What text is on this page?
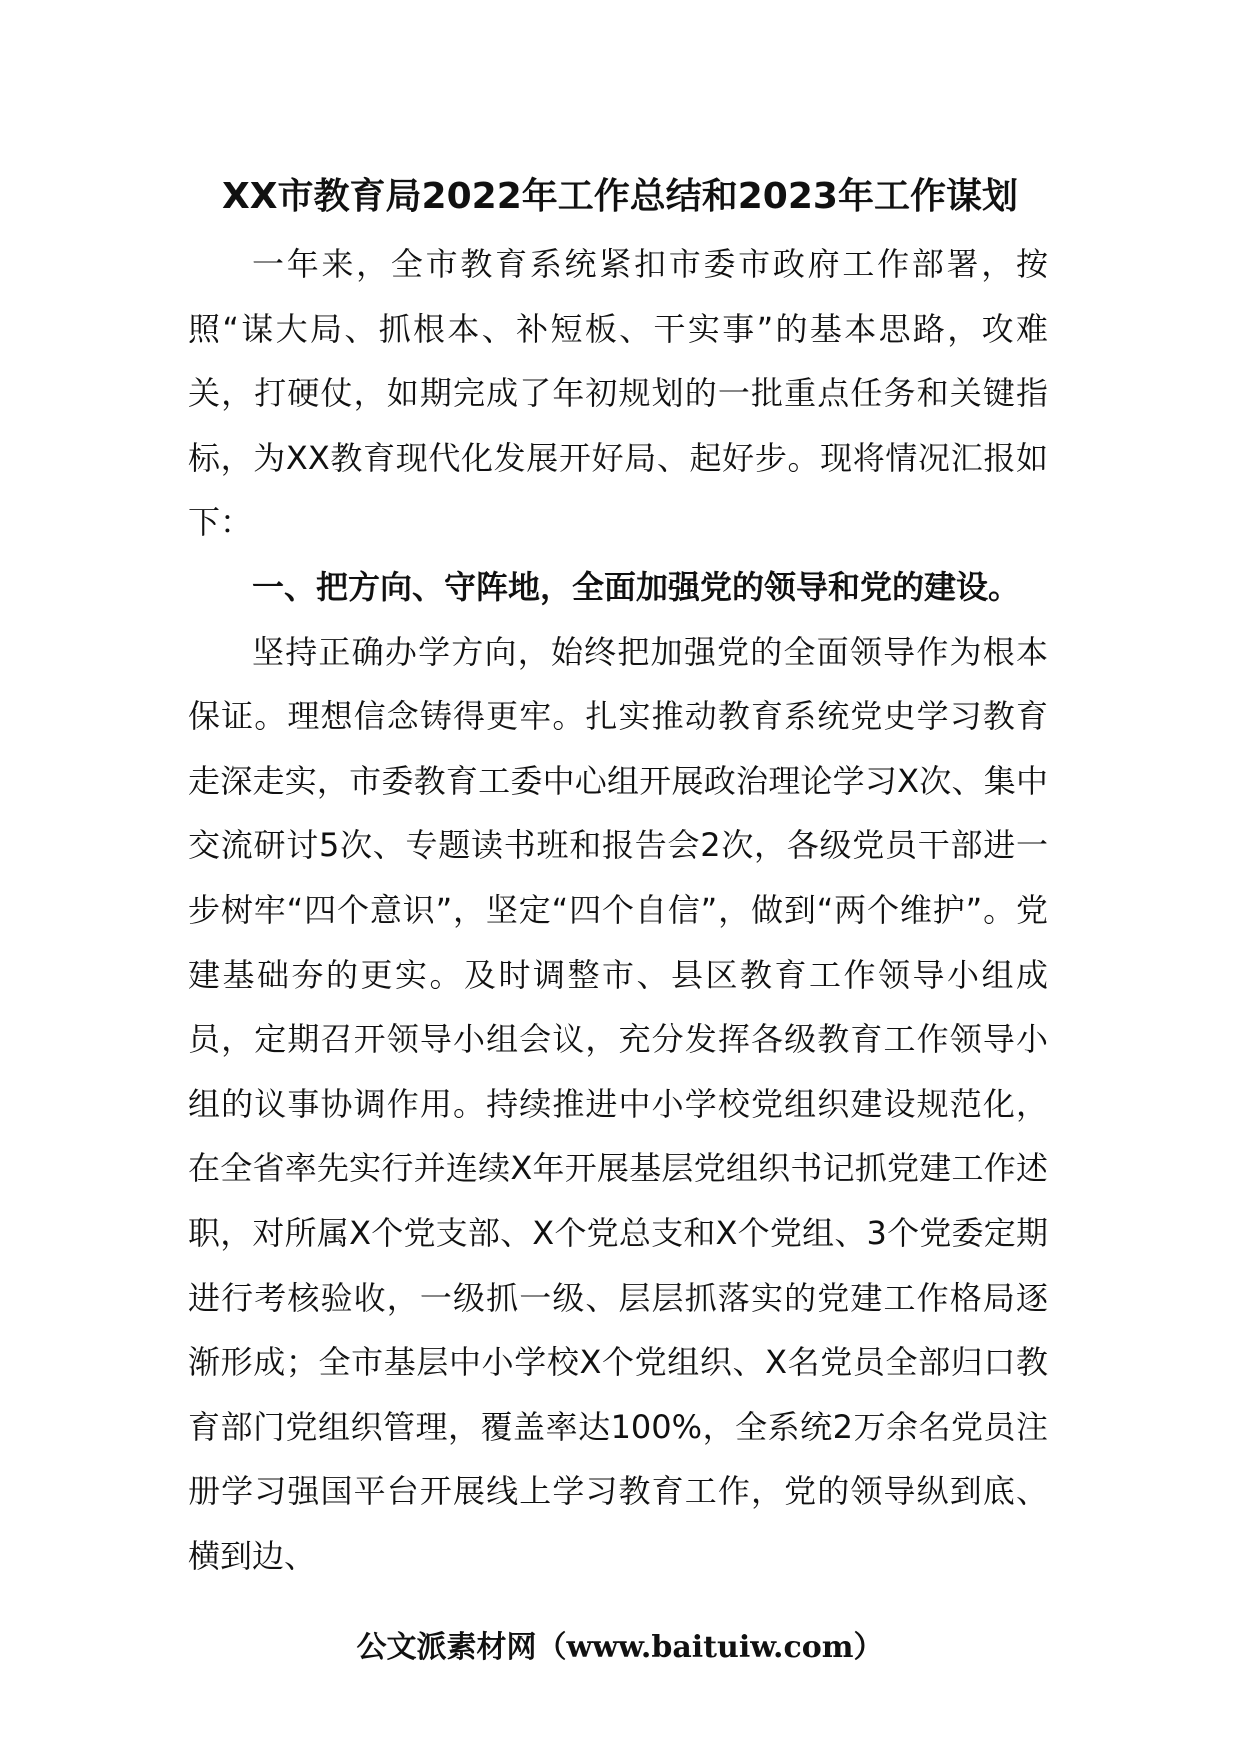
XX市教育局2022年工作总结和2023年工作谋划

一年来，全市教育系统紧扣市委市政府工作部署，按照“谋大局、抓根本、补短板、干实事”的基本思路，攻难关，打硬仗，如期完成了年初规划的一批重点任务和关键指标，为XX教育现代化发展开好局、起好步。现将情况汇报如下：

一、把方向、守阵地，全面加强党的领导和党的建设。

坚持正确办学方向，始终把加强党的全面领导作为根本保证。理想信念铸得更牢。扎实推动教育系统党史学习教育走深走实，市委教育工委中心组开展政治理论学习X次、集中交流研讨5次、专题读书班和报告会2次，各级党员干部进一步树牢“四个意识”，坚定“四个自信”，做到“两个维护”。党建基础夯的更实。及时调整市、县区教育工作领导小组成员，定期召开领导小组会议，充分发挥各级教育工作领导小组的议事协调作用。持续推进中小学校党组织建设规范化，在全省率先实行并连续X年开展基层党组织书记抓党建工作述职，对所属X个党支部、X个党总支和X个党组、3个党委定期进行考核验收，一级抓一级、层层抓落实的党建工作格局逐渐形成；全市基层中小学校X个党组织、X名党员全部归口教育部门党组织管理，覆盖率达100%，全系统2万余名党员注册学习强国平台开展线上学习教育工作，党的领导纵到底、横到边、

公文派素材网（www.baituiw.com）
